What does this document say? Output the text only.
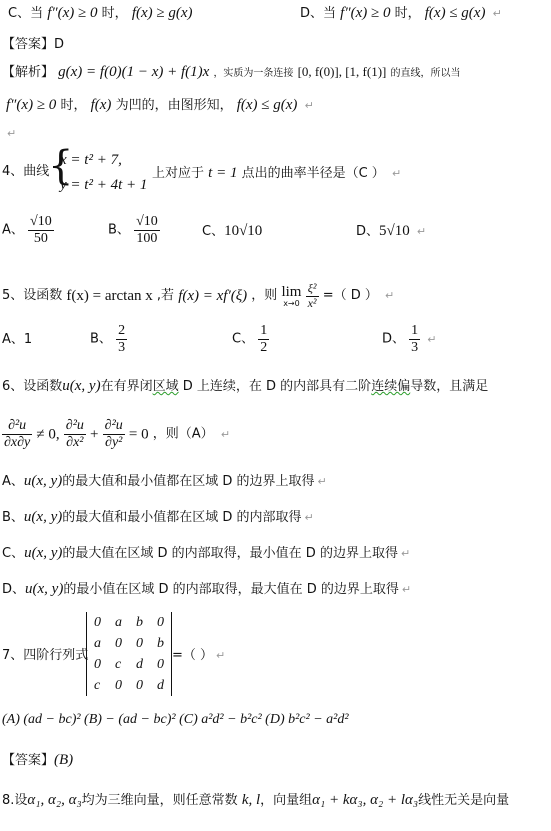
C、当 f″(x) ≥ 0 时， f(x) ≥ g(x)	D、当 f″(x) ≥ 0 时， f(x) ≤ g(x) ↵
【答案】D
【解析】 g(x) = f(0)(1 − x) + f(1)x ，实质为一条连接 [0, f(0)], [1, f(1)] 的直线，所以当
f″(x) ≥ 0 时， f(x) 为凹的，由图形知， f(x) ≤ g(x) ↵
↵
4、曲线
{
x = t² + 7,
y = t² + 4t + 1
上对应于 t = 1 点出的曲率半径是（C ） ↵
A、 $\frac{√10}{50}$	B、 $\frac{√10}{100}$	C、10√10	D、5√10 ↵
5、设函数 f(x) = arctan x ,若 f(x) = xf′(ξ) ，则 lim
x→0
$\frac{\text{ξ²}}{\text{x²}}$ =（ D ） ↵
A、1	B、 $\frac{2}{3}$	C、 $\frac{1}{2}$	D、 $\frac{1}{3}$ ↵
6、设函数u(x, y)在有界闭区域 D 上连续，在 D 的内部具有二阶连续偏导数，且满足
$\frac{\text{∂²u}}{\partial x\partial y} \ne 0$, $\frac{\text{∂²u}}{\text{∂x²}} + \frac{\text{∂²u}}{\text{∂y²}} = 0$ ，则（A） ↵
A、u(x, y)的最大值和最小值都在区域 D 的边界上取得 ↵
B、u(x, y)的最大值和最小值都在区域 D 的内部取得 ↵
C、u(x, y)的最大值在区域 D 的内部取得，最小值在 D 的边界上取得 ↵
D、u(x, y)的最小值在区域 D 的内部取得，最大值在 D 的边界上取得 ↵
7、四阶行列式
0	a	b	0
a	0	0	b
0	c	d	0
c	0	0	d
=（ ） ↵
(A) (ad − bc)² (B) − (ad − bc)² (C) a²d² − b²c² (D) b²c² − a²d²
【答案】(B)
8.设α₁, α₂, α₃均为三维向量，则任意常数 k, l，向量组α₁ + kα₃, α₂ + lα₃线性无关是向量
